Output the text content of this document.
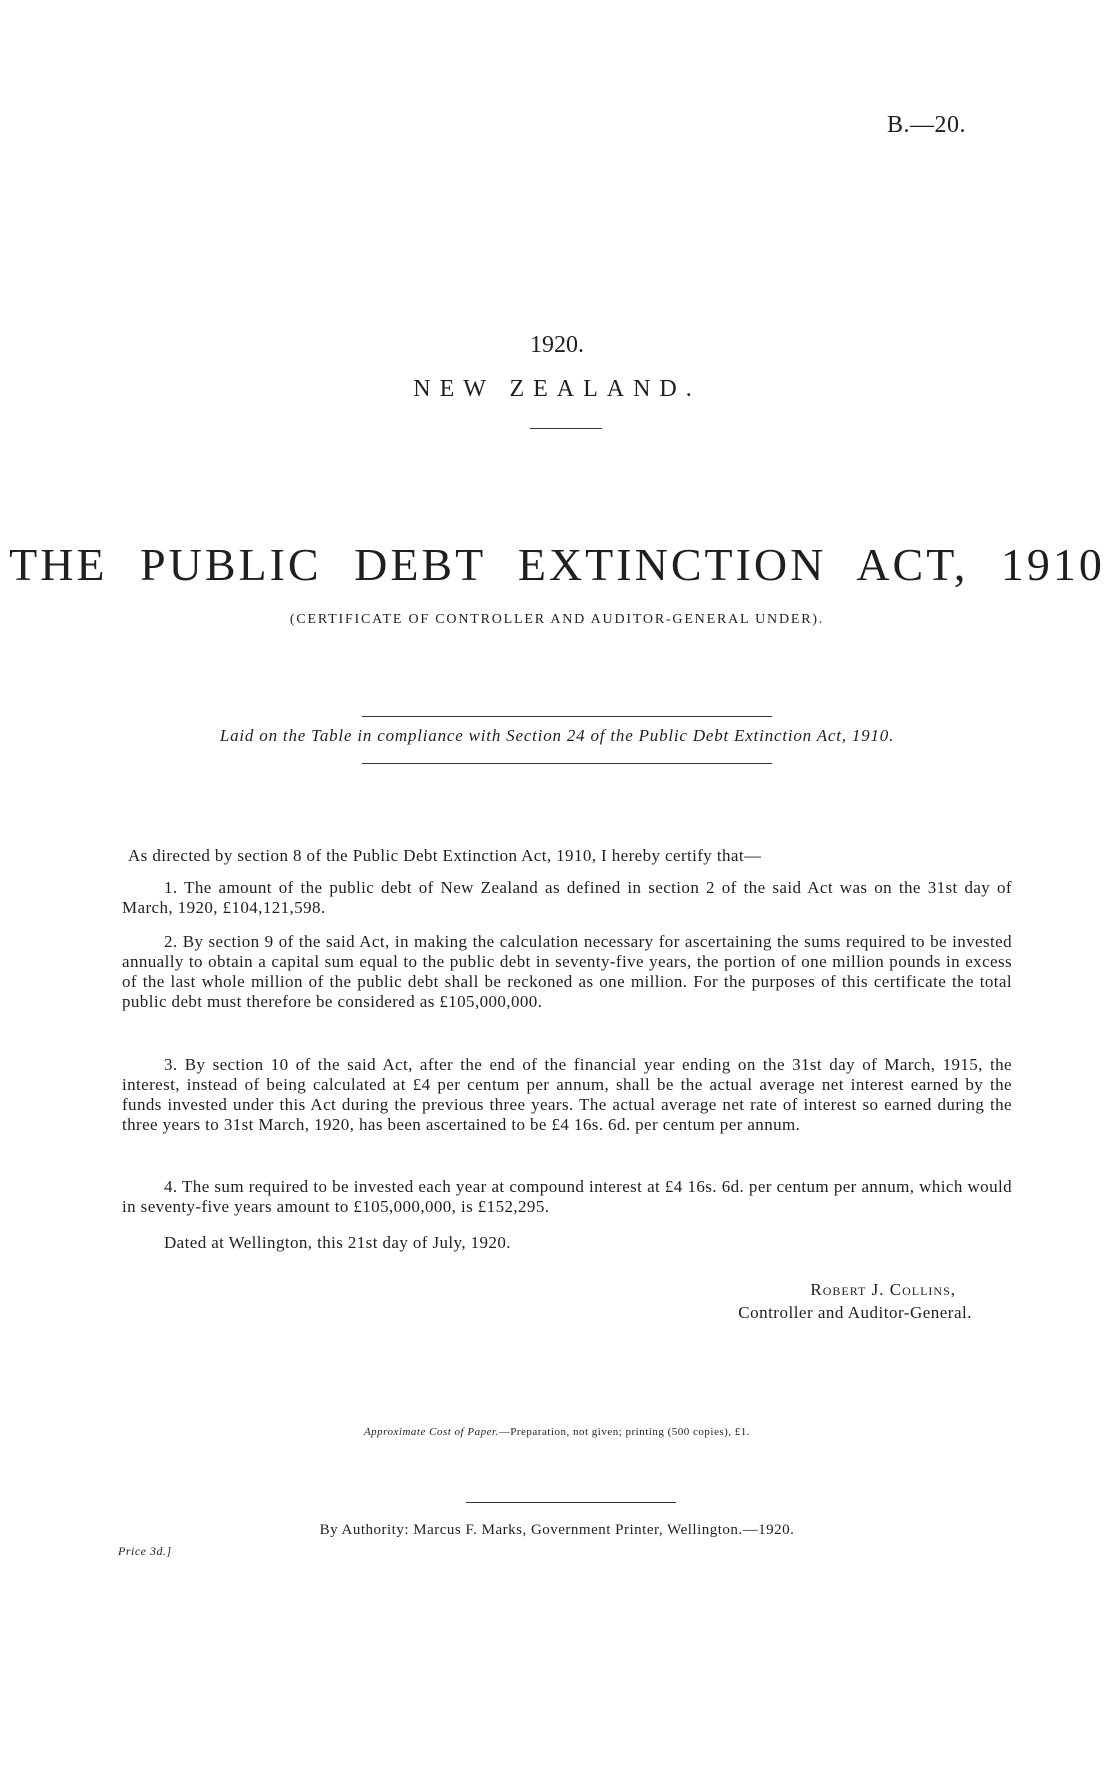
B.—20.
1920.
NEW ZEALAND.
THE PUBLIC DEBT EXTINCTION ACT, 1910
(CERTIFICATE OF CONTROLLER AND AUDITOR-GENERAL UNDER).
Laid on the Table in compliance with Section 24 of the Public Debt Extinction Act, 1910.
As directed by section 8 of the Public Debt Extinction Act, 1910, I hereby certify that—
1. The amount of the public debt of New Zealand as defined in section 2 of the said Act was on the 31st day of March, 1920, £104,121,598.
2. By section 9 of the said Act, in making the calculation necessary for ascertaining the sums required to be invested annually to obtain a capital sum equal to the public debt in seventy-five years, the portion of one million pounds in excess of the last whole million of the public debt shall be reckoned as one million. For the purposes of this certificate the total public debt must therefore be considered as £105,000,000.
3. By section 10 of the said Act, after the end of the financial year ending on the 31st day of March, 1915, the interest, instead of being calculated at £4 per centum per annum, shall be the actual average net interest earned by the funds invested under this Act during the previous three years. The actual average net rate of interest so earned during the three years to 31st March, 1920, has been ascertained to be £4 16s. 6d. per centum per annum.
4. The sum required to be invested each year at compound interest at £4 16s. 6d. per centum per annum, which would in seventy-five years amount to £105,000,000, is £152,295.
Dated at Wellington, this 21st day of July, 1920.
Robert J. Collins,
Controller and Auditor-General.
Approximate Cost of Paper.—Preparation, not given; printing (500 copies), £1.
By Authority: Marcus F. Marks, Government Printer, Wellington.—1920.
Price 3d.]
